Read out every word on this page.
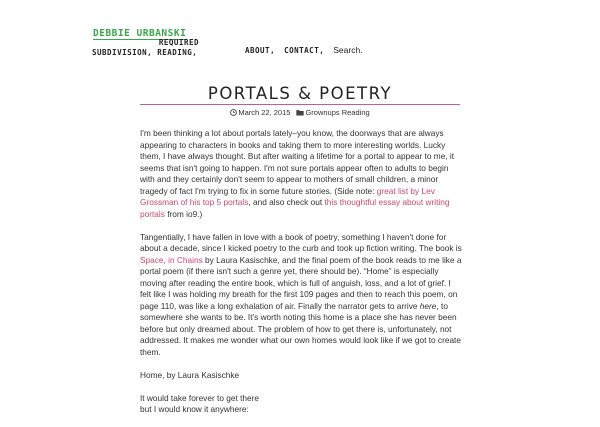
DEBBIE URBANSKI
REQUIRED
SUBDIVISION, READING,	ABOUT, CONTACT, Search.
PORTALS & POETRY
March 22, 2015 Grownups Reading

I'm been thinking a lot about portals lately–you know, the doorways that are always appearing to characters in books and taking them to more interesting worlds. Lucky them, I have always thought. But after waiting a lifetime for a portal to appear to me, it seems that isn't going to happen. I'm not sure portals appear often to adults to begin with and they certainly don't seem to appear to mothers of small children, a minor tragedy of fact I'm trying to fix in some future stories. (Side note: great list by Lev Grossman of his top 5 portals, and also check out this thoughtful essay about writing portals from io9.)

Tangentially, I have fallen in love with a book of poetry, something I haven't done for about a decade, since I kicked poetry to the curb and took up fiction writing. The book is Space, in Chains by Laura Kasischke, and the final poem of the book reads to me like a portal poem (if there isn't such a genre yet, there should be). “Home” is especially moving after reading the entire book, which is full of anguish, loss, and a lot of grief. I felt like I was holding my breath for the first 109 pages and then to reach this poem, on page 110, was like a long exhalation of air. Finally the narrator gets to arrive here, to somewhere she wants to be. It's worth noting this home is a place she has never been before but only dreamed about. The problem of how to get there is, unfortunately, not addressed. It makes me wonder what our own homes would look like if we got to create them.

Home, by Laura Kasischke

It would take forever to get there
but I would know it anywhere:
